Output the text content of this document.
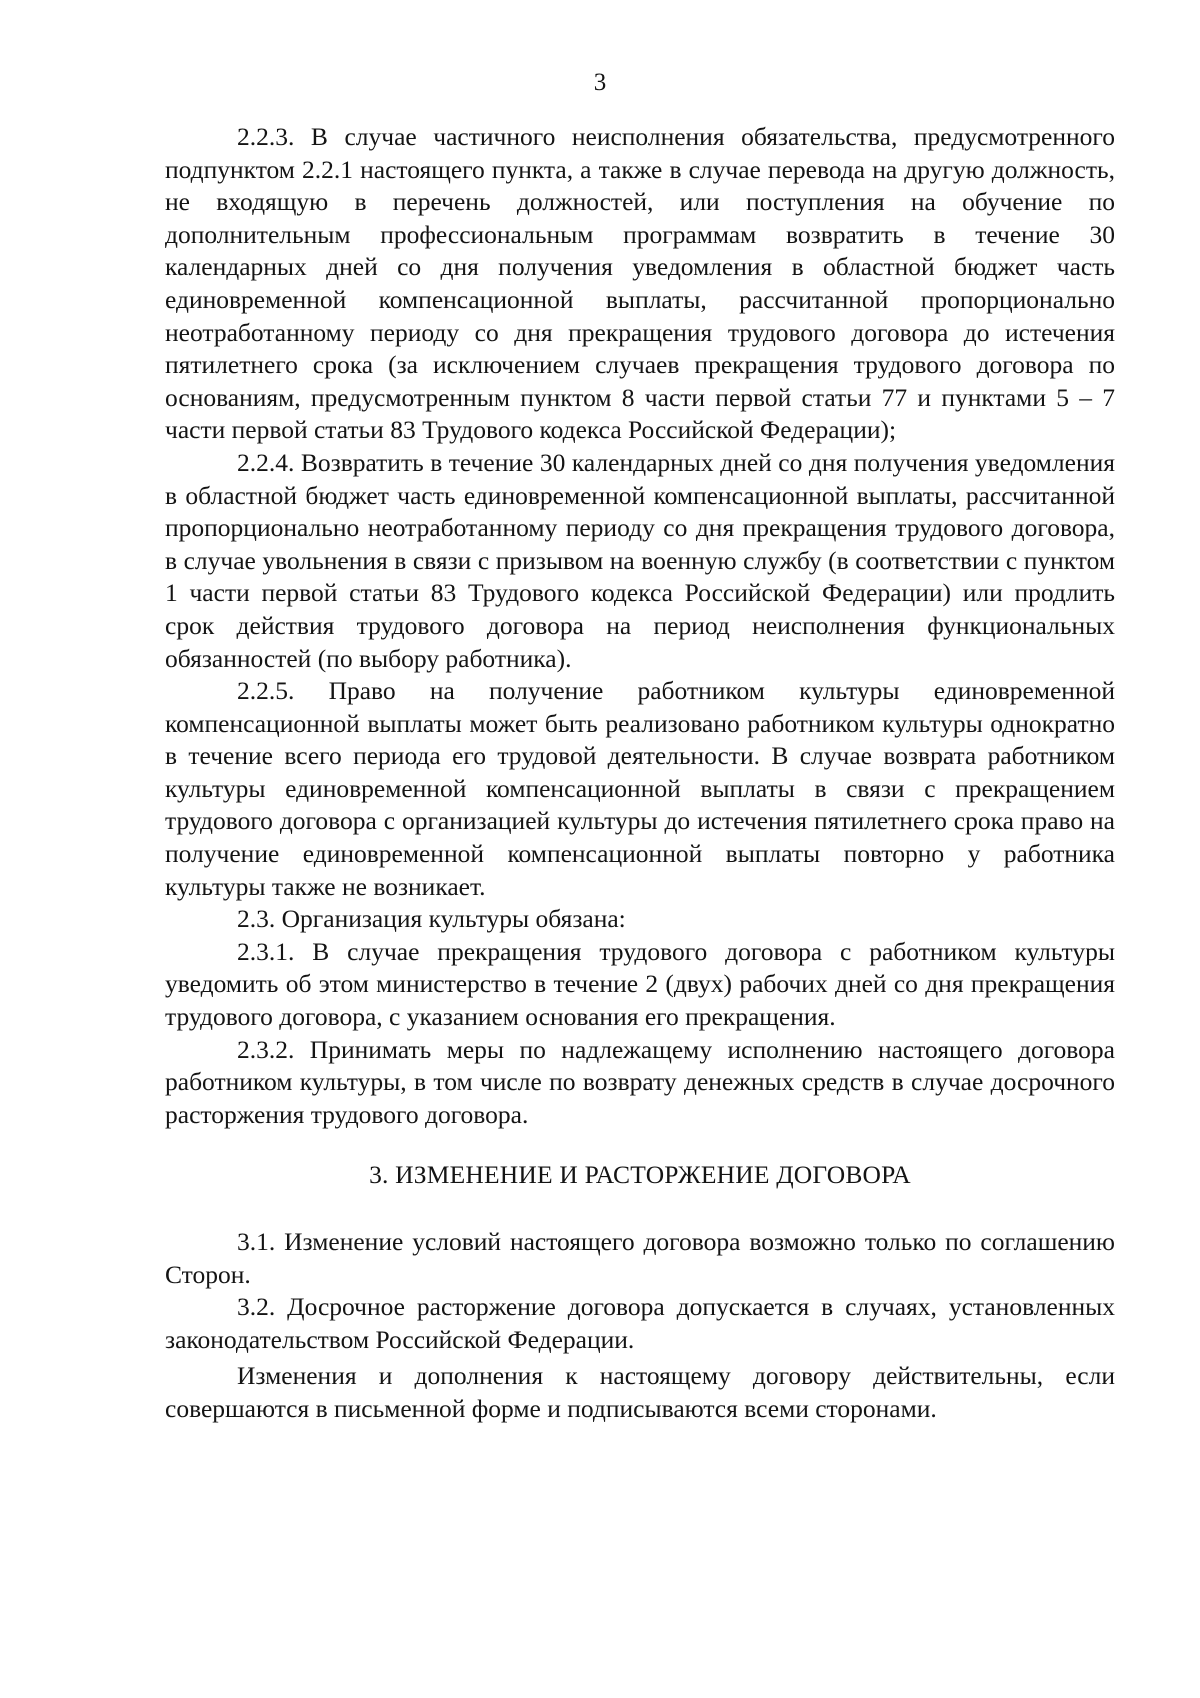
3

2.2.3. В случае частичного неисполнения обязательства, предусмотренного подпунктом 2.2.1 настоящего пункта, а также в случае перевода на другую должность, не входящую в перечень должностей, или поступления на обучение по дополнительным профессиональным программам возвратить в течение 30 календарных дней со дня получения уведомления в областной бюджет часть единовременной компенсационной выплаты, рассчитанной пропорционально неотработанному периоду со дня прекращения трудового договора до истечения пятилетнего срока (за исключением случаев прекращения трудового договора по основаниям, предусмотренным пунктом 8 части первой статьи 77 и пунктами 5 – 7 части первой статьи 83 Трудового кодекса Российской Федерации);

2.2.4. Возвратить в течение 30 календарных дней со дня получения уведомления в областной бюджет часть единовременной компенсационной выплаты, рассчитанной пропорционально неотработанному периоду со дня прекращения трудового договора, в случае увольнения в связи с призывом на военную службу (в соответствии с пунктом 1 части первой статьи 83 Трудового кодекса Российской Федерации) или продлить срок действия трудового договора на период неисполнения функциональных обязанностей (по выбору работника).

2.2.5. Право на получение работником культуры единовременной компенсационной выплаты может быть реализовано работником культуры однократно в течение всего периода его трудовой деятельности. В случае возврата работником культуры единовременной компенсационной выплаты в связи с прекращением трудового договора с организацией культуры до истечения пятилетнего срока право на получение единовременной компенсационной выплаты повторно у работника культуры также не возникает.

2.3. Организация культуры обязана:

2.3.1. В случае прекращения трудового договора с работником культуры уведомить об этом министерство в течение 2 (двух) рабочих дней со дня прекращения трудового договора, с указанием основания его прекращения.

2.3.2. Принимать меры по надлежащему исполнению настоящего договора работником культуры, в том числе по возврату денежных средств в случае досрочного расторжения трудового договора.

3. ИЗМЕНЕНИЕ И РАСТОРЖЕНИЕ ДОГОВОРА

3.1. Изменение условий настоящего договора возможно только по соглашению Сторон.

3.2. Досрочное расторжение договора допускается в случаях, установленных законодательством Российской Федерации.

Изменения и дополнения к настоящему договору действительны, если совершаются в письменной форме и подписываются всеми сторонами.
